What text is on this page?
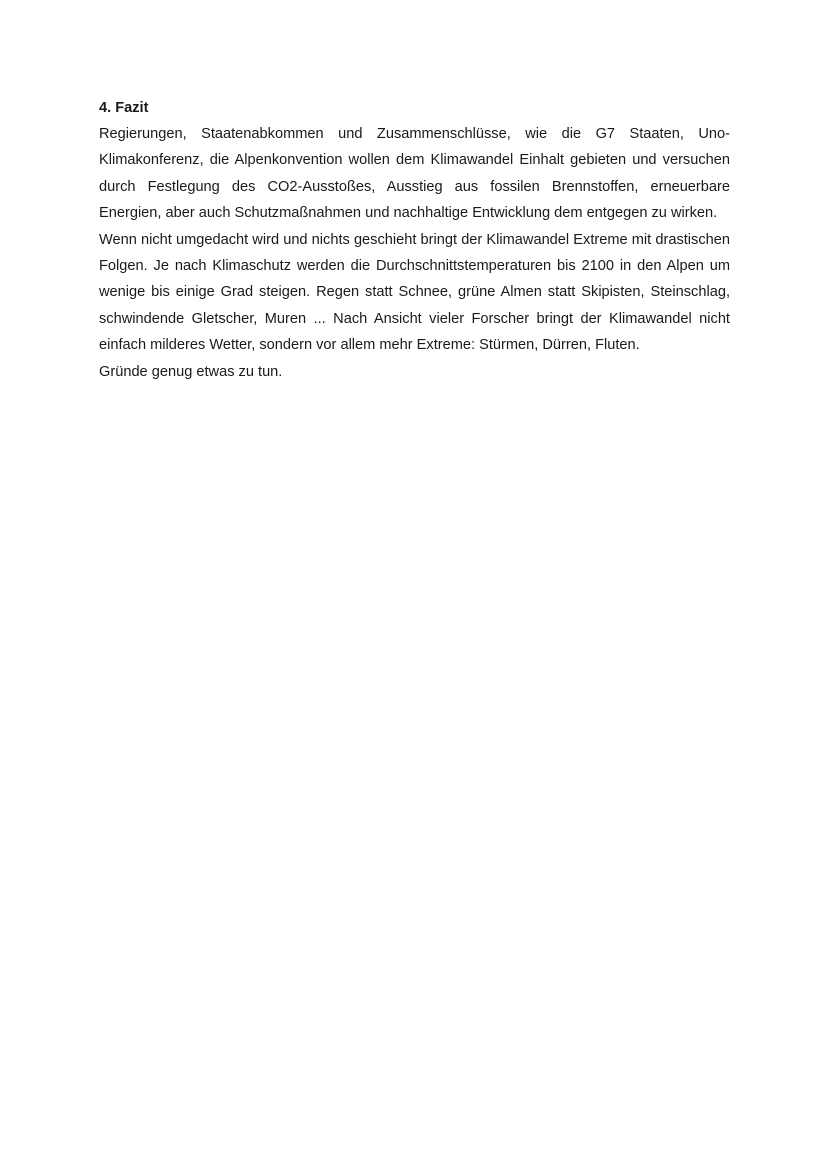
4. Fazit

Regierungen, Staatenabkommen und Zusammenschlüsse, wie die G7 Staaten, Uno-Klimakonferenz, die Alpenkonvention wollen dem Klimawandel Einhalt gebieten und versuchen durch Festlegung des CO2-Ausstoßes, Ausstieg aus fossilen Brennstoffen, erneuerbare Energien, aber auch Schutzmaßnahmen und nachhaltige Entwicklung dem entgegen zu wirken.

Wenn nicht umgedacht wird und nichts geschieht bringt der Klimawandel Extreme mit drastischen Folgen. Je nach Klimaschutz werden die Durchschnittstemperaturen bis 2100 in den Alpen um wenige bis einige Grad steigen. Regen statt Schnee, grüne Almen statt Skipisten, Steinschlag, schwindende Gletscher, Muren ... Nach Ansicht vieler Forscher bringt der Klimawandel nicht einfach milderes Wetter, sondern vor allem mehr Extreme: Stürmen, Dürren, Fluten.

Gründe genug etwas zu tun.
